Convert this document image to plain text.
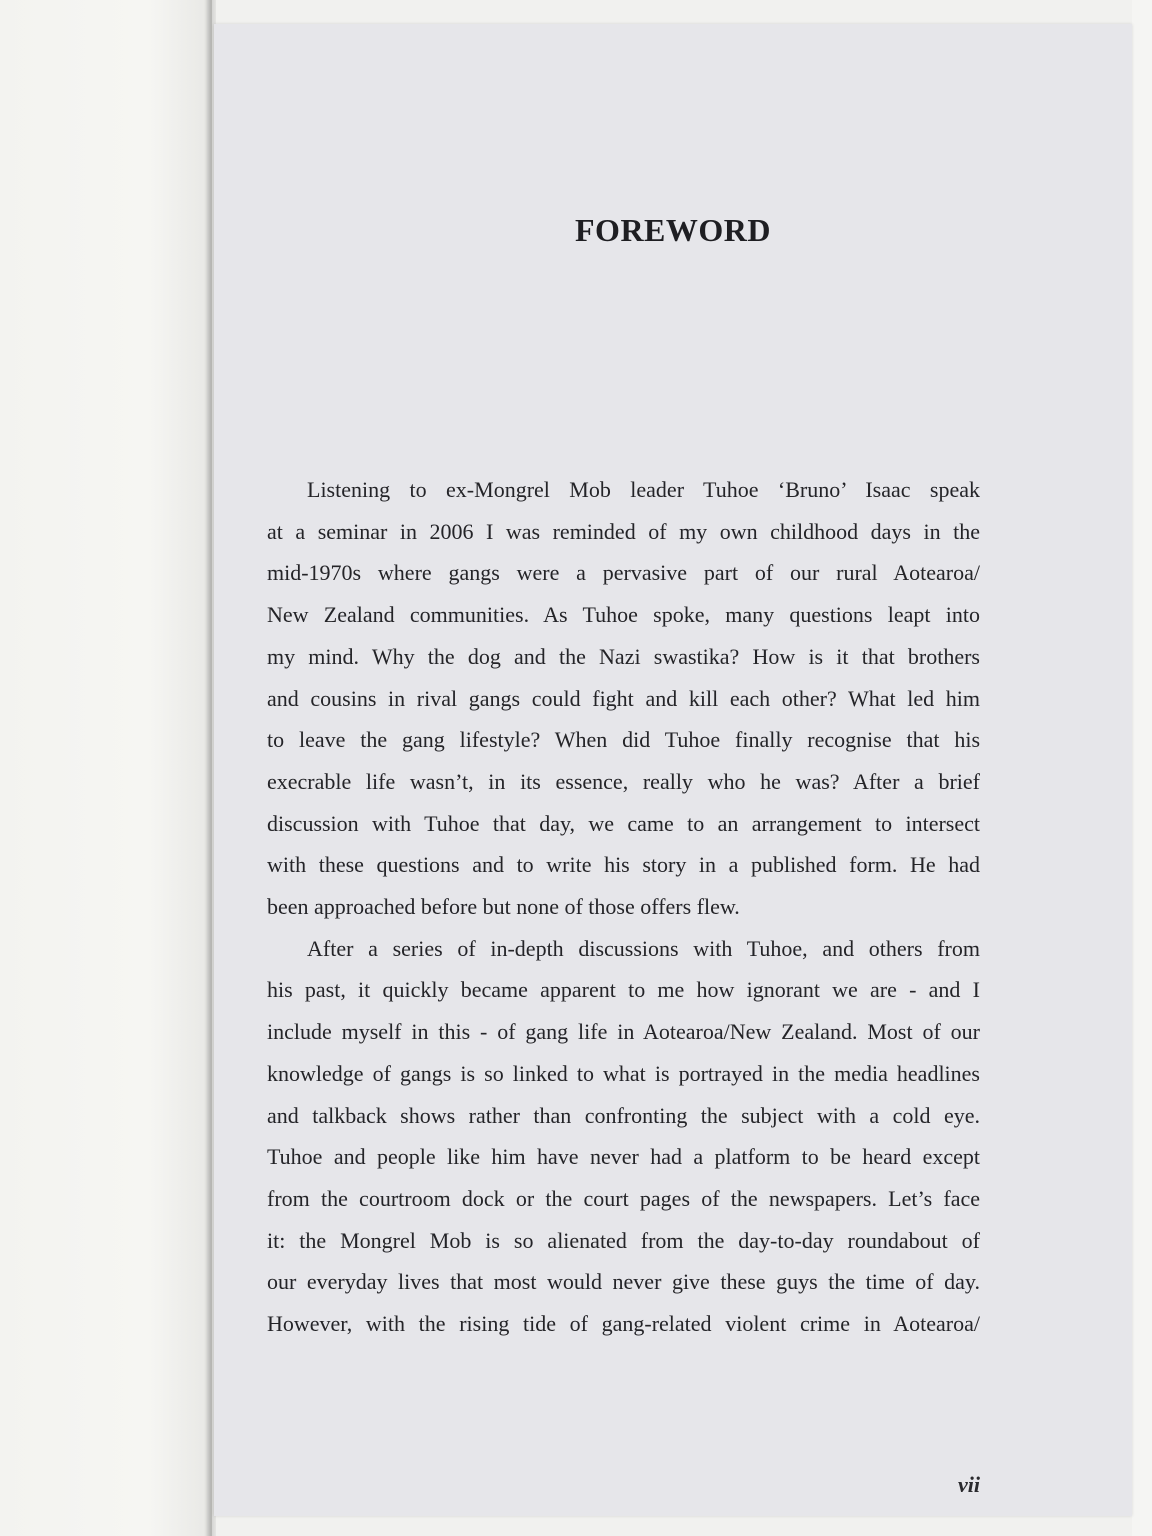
FOREWORD

Listening to ex-Mongrel Mob leader Tuhoe ‘Bruno’ Isaac speak
at a seminar in 2006 I was reminded of my own childhood days in the
mid-1970s where gangs were a pervasive part of our rural Aotearoa/
New Zealand communities. As Tuhoe spoke, many questions leapt into
my mind. Why the dog and the Nazi swastika? How is it that brothers
and cousins in rival gangs could fight and kill each other? What led him
to leave the gang lifestyle? When did Tuhoe finally recognise that his
execrable life wasn’t, in its essence, really who he was? After a brief
discussion with Tuhoe that day, we came to an arrangement to intersect
with these questions and to write his story in a published form. He had
been approached before but none of those offers flew.

After a series of in-depth discussions with Tuhoe, and others from
his past, it quickly became apparent to me how ignorant we are - and I
include myself in this - of gang life in Aotearoa/New Zealand. Most of our
knowledge of gangs is so linked to what is portrayed in the media headlines
and talkback shows rather than confronting the subject with a cold eye.
Tuhoe and people like him have never had a platform to be heard except
from the courtroom dock or the court pages of the newspapers. Let’s face
it: the Mongrel Mob is so alienated from the day-to-day roundabout of
our everyday lives that most would never give these guys the time of day.
However, with the rising tide of gang-related violent crime in Aotearoa/

vii
